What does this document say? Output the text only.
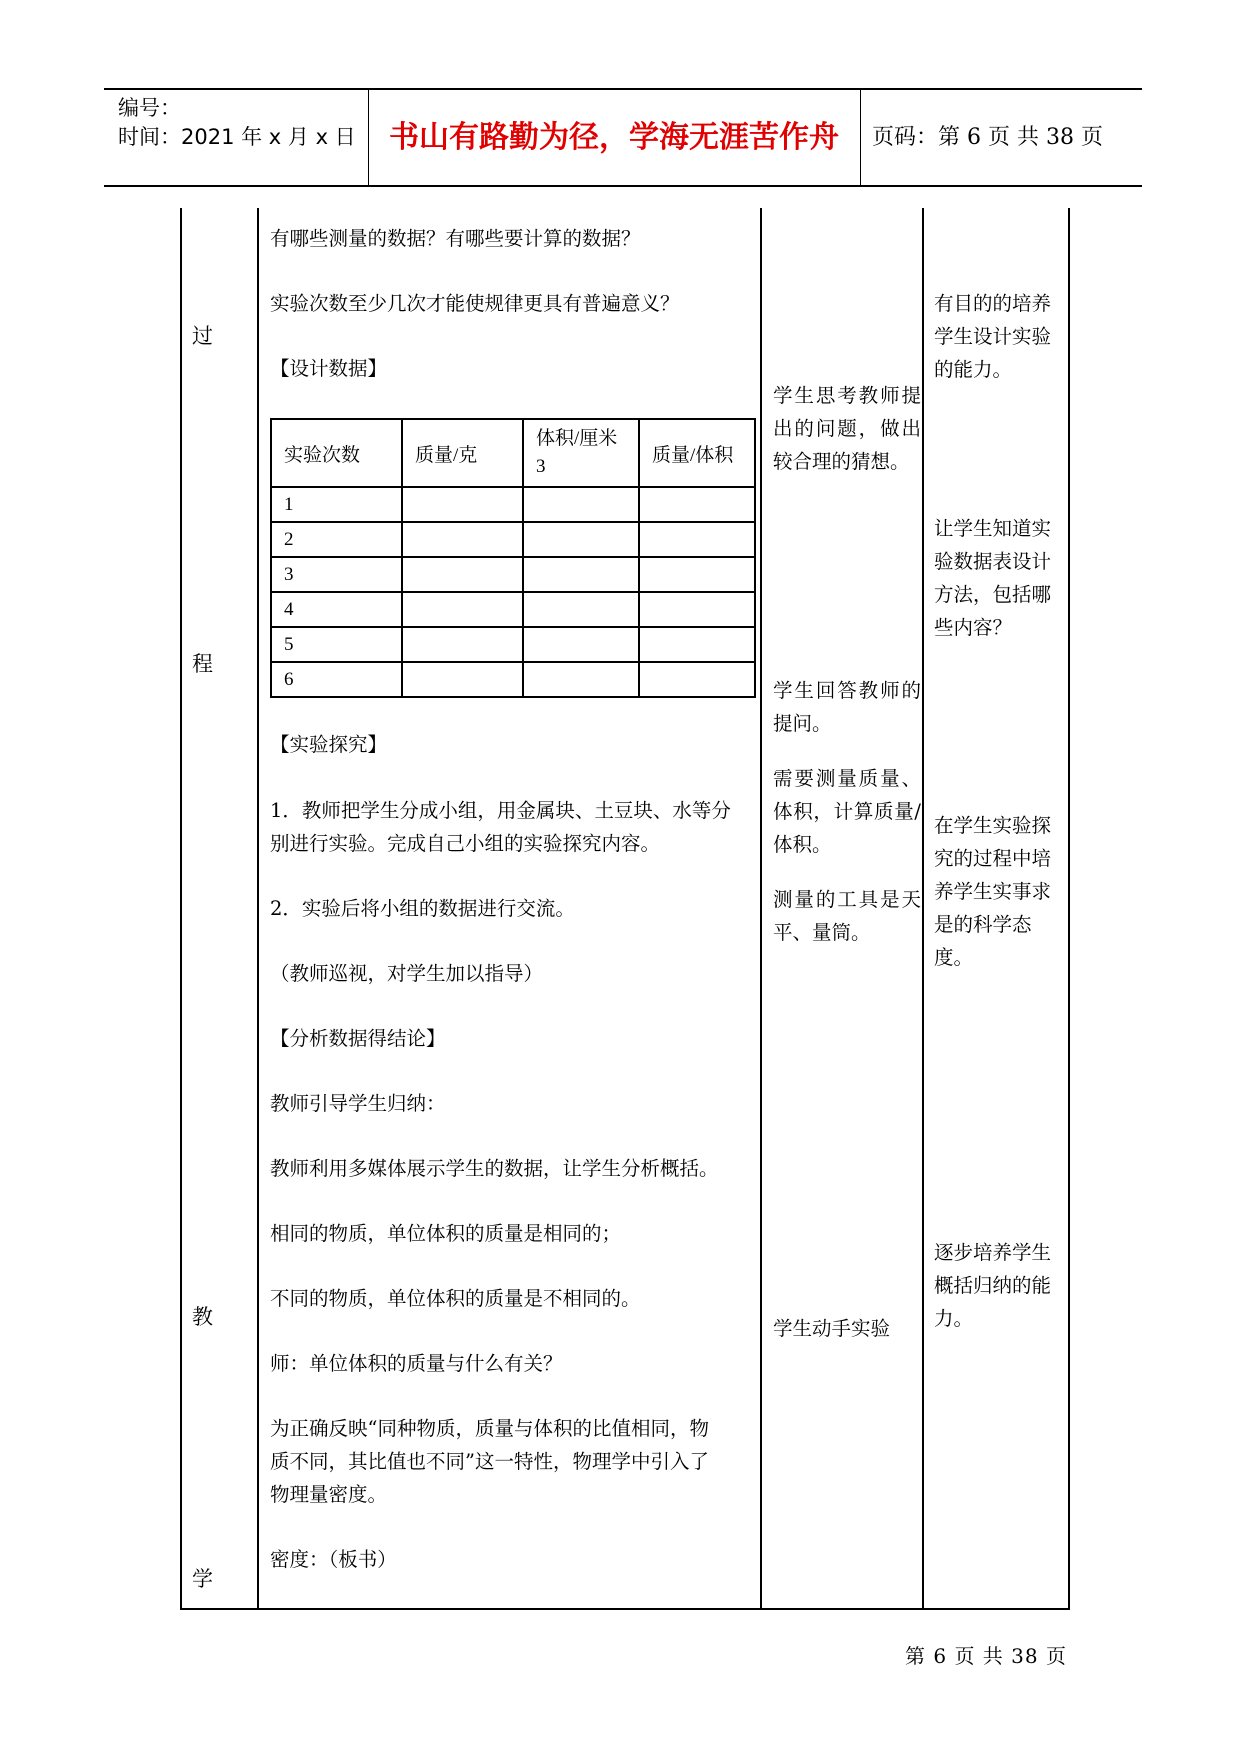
编号：
时间：2021 年 x 月 x 日	书山有路勤为径，学海无涯苦作舟	页码：第 6 页 共 38 页
过
程
教
学
有哪些测量的数据？有哪些要计算的数据？
实验次数至少几次才能使规律更具有普遍意义？
【设计数据】
实验次数	质量/克	体积/厘米3	质量/体积
1			
2			
3			
4			
5			
6			
【实验探究】
1．教师把学生分成小组，用金属块、土豆块、水等分
别进行实验。完成自己小组的实验探究内容。
2．实验后将小组的数据进行交流。
（教师巡视，对学生加以指导）
【分析数据得结论】
教师引导学生归纳：
教师利用多媒体展示学生的数据，让学生分析概括。
相同的物质，单位体积的质量是相同的；
不同的物质，单位体积的质量是不相同的。
师：单位体积的质量与什么有关？
为正确反映“同种物质，质量与体积的比值相同，物
质不同，其比值也不同”这一特性，物理学中引入了
物理量密度。
密度：（板书）
学生思考教师提出的问题，做出较合理的猜想。
学生回答教师的提问。
需要测量质量、体积，计算质量/体积。
测量的工具是天平、量筒。
学生动手实验
有目的的培养学生设计实验的能力。
让学生知道实验数据表设计方法，包括哪些内容？
在学生实验探究的过程中培养学生实事求是的科学态度。
逐步培养学生概括归纳的能力。
第 6 页 共 38 页
